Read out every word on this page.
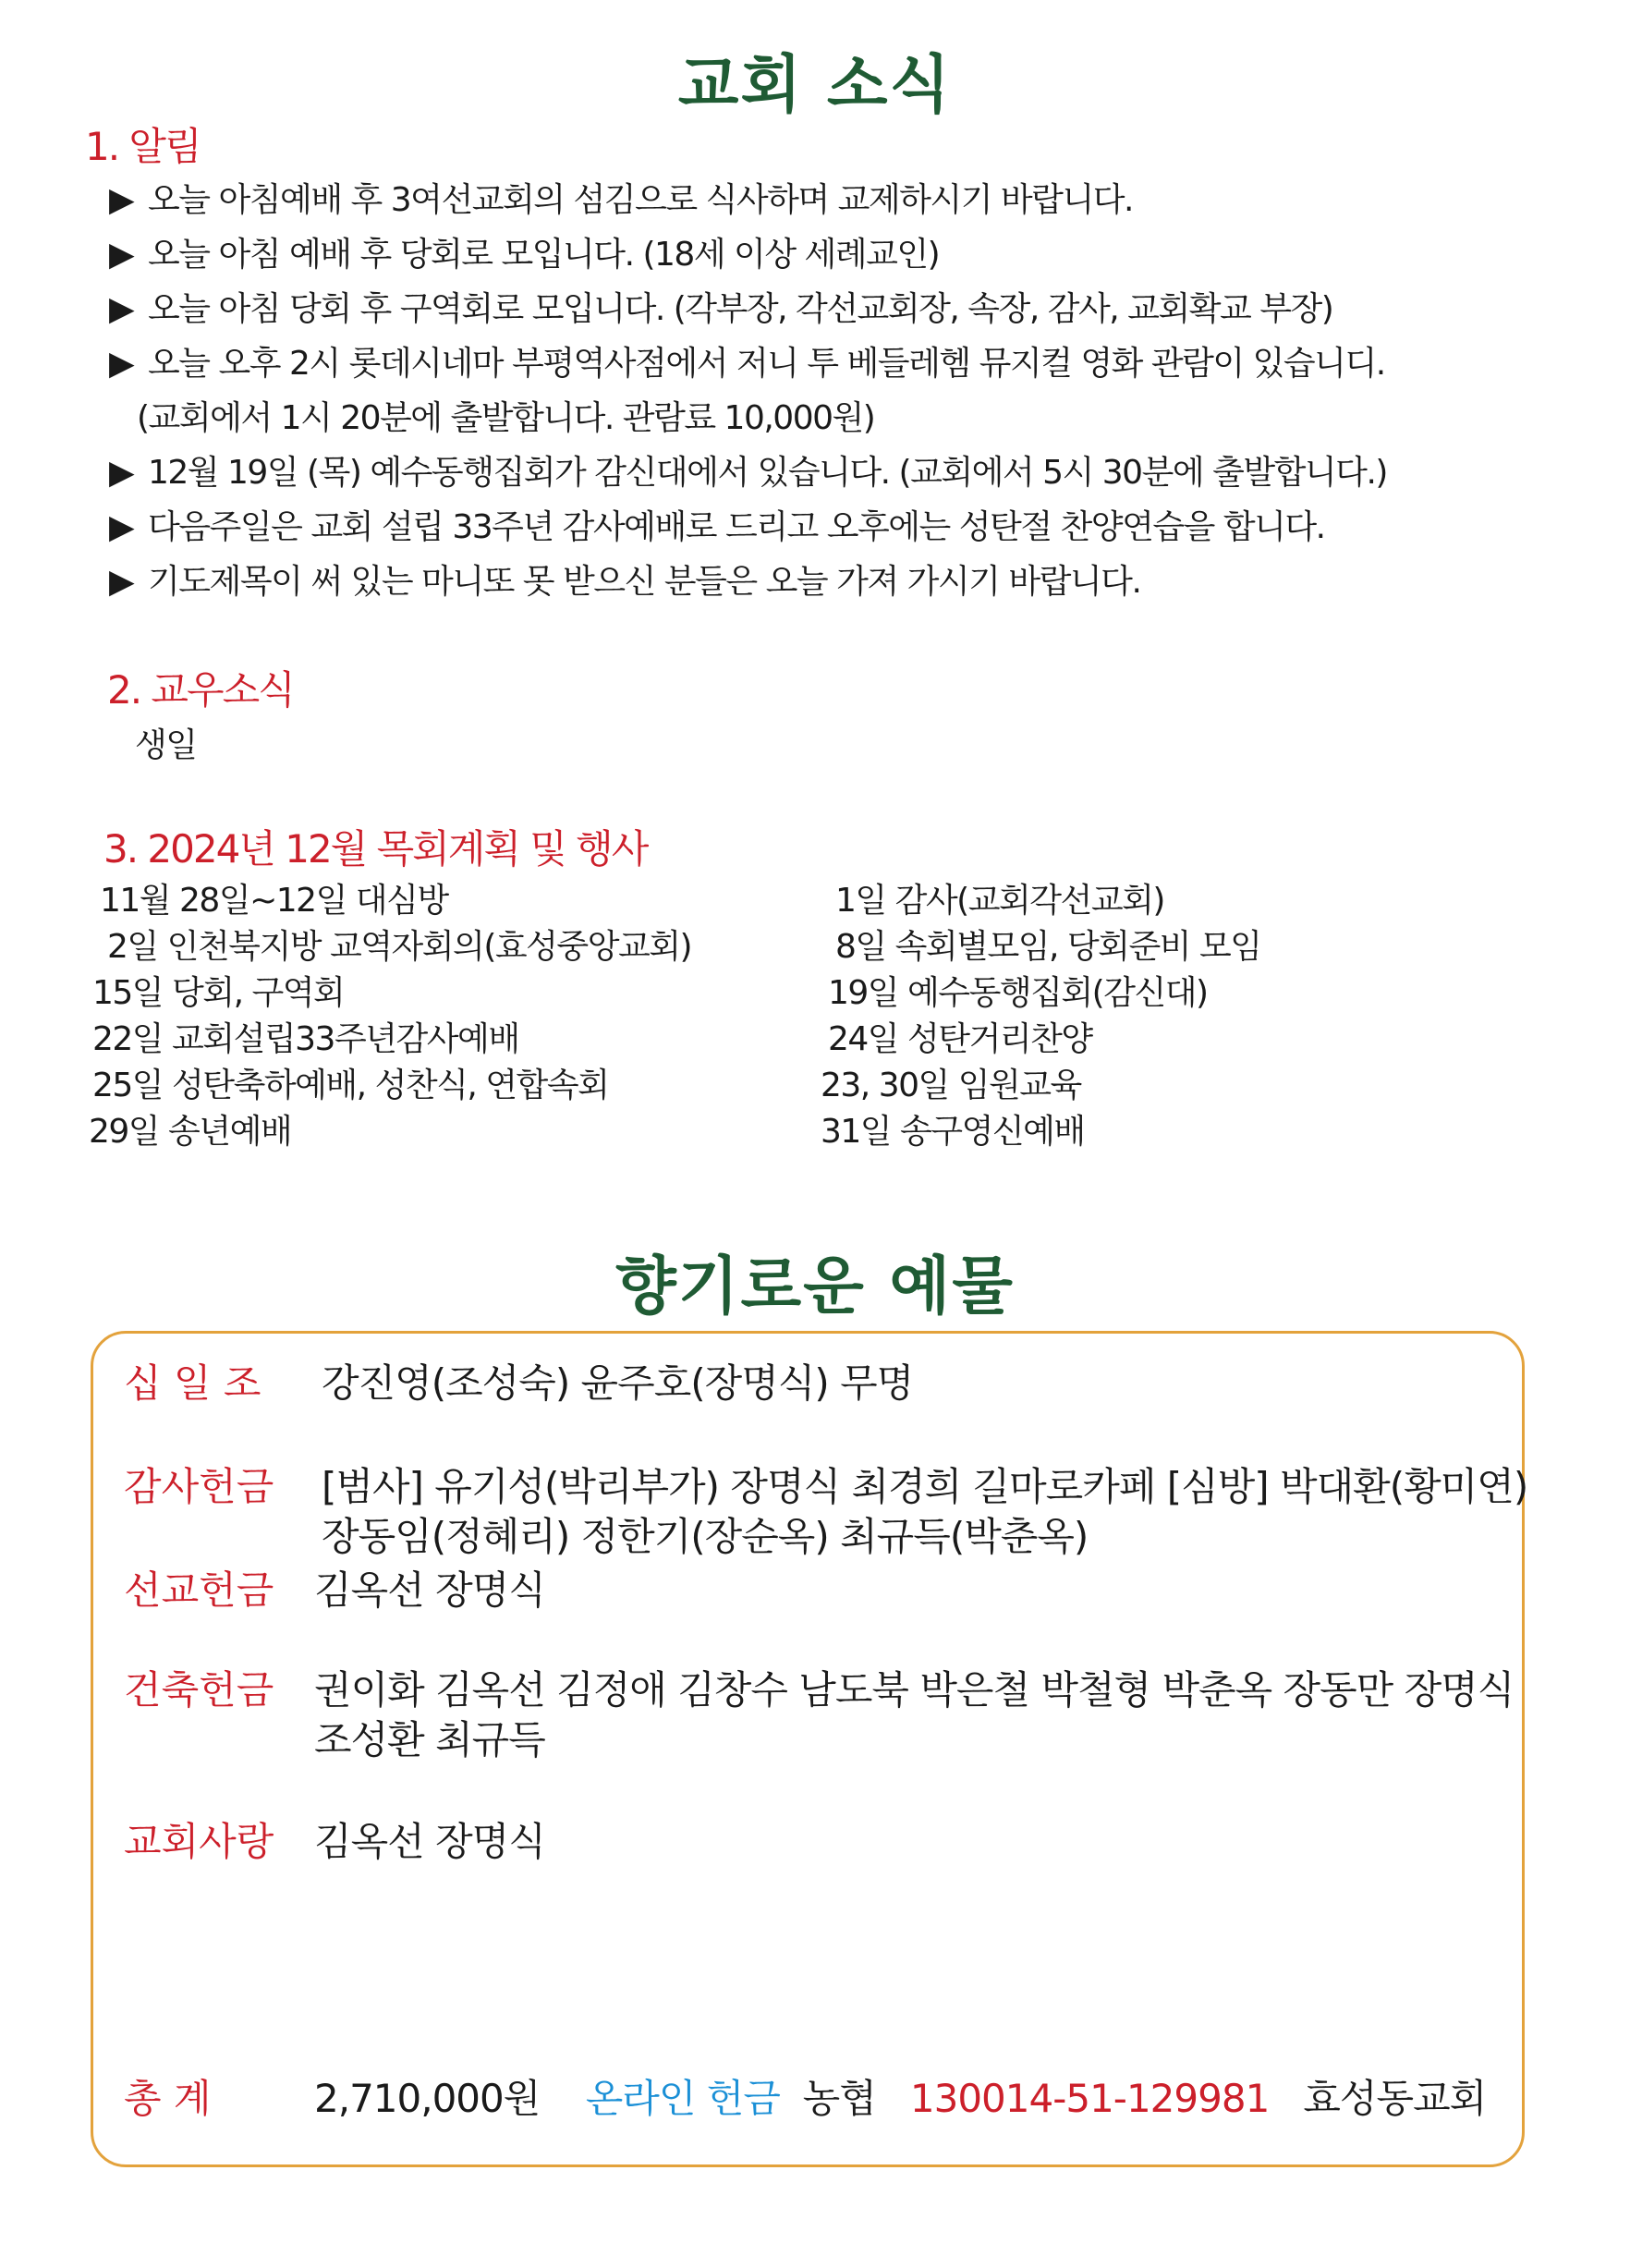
교회 소식
1. 알림
▶ 오늘 아침예배 후 3여선교회의 섬김으로 식사하며 교제하시기 바랍니다.
▶ 오늘 아침 예배 후 당회로 모입니다. (18세 이상 세례교인)
▶ 오늘 아침 당회 후 구역회로 모입니다. (각부장, 각선교회장, 속장, 감사, 교회확교 부장)
▶ 오늘 오후 2시 롯데시네마 부평역사점에서 저니 투 베들레헴 뮤지컬 영화 관람이 있습니디.
(교회에서 1시 20분에 출발합니다. 관람료 10,000원)
▶ 12월 19일 (목) 예수동행집회가 감신대에서 있습니다. (교회에서 5시 30분에 출발합니다.)
▶ 다음주일은 교회 설립 33주년 감사예배로 드리고 오후에는 성탄절 찬양연습을 합니다.
▶ 기도제목이 써 있는 마니또 못 받으신 분들은 오늘 가져 가시기 바랍니다.
2. 교우소식
생일
3. 2024년 12월 목회계획 및 행사
11월 28일~12일 대심방
2일 인천북지방 교역자회의(효성중앙교회)
15일 당회, 구역회
22일 교회설립33주년감사예배
25일 성탄축하예배, 성찬식, 연합속회
29일 송년예배
1일 감사(교회각선교회)
8일 속회별모임, 당회준비 모임
19일 예수동행집회(감신대)
24일 성탄거리찬양
23, 30일 임원교육
31일 송구영신예배
향기로운 예물
십 일 조 강진영(조성숙) 윤주호(장명식) 무명
감사헌금 [범사] 유기성(박리부가) 장명식 최경희 길마로카페 [심방] 박대환(황미연)
장동임(정혜리) 정한기(장순옥) 최규득(박춘옥)
선교헌금 김옥선 장명식
건축헌금 권이화 김옥선 김정애 김창수 남도북 박은철 박철형 박춘옥 장동만 장명식
조성환 최규득
교회사랑 김옥선 장명식
총 계	2,710,000원 온라인 헌금 농협 130014-51-129981 효성동교회
